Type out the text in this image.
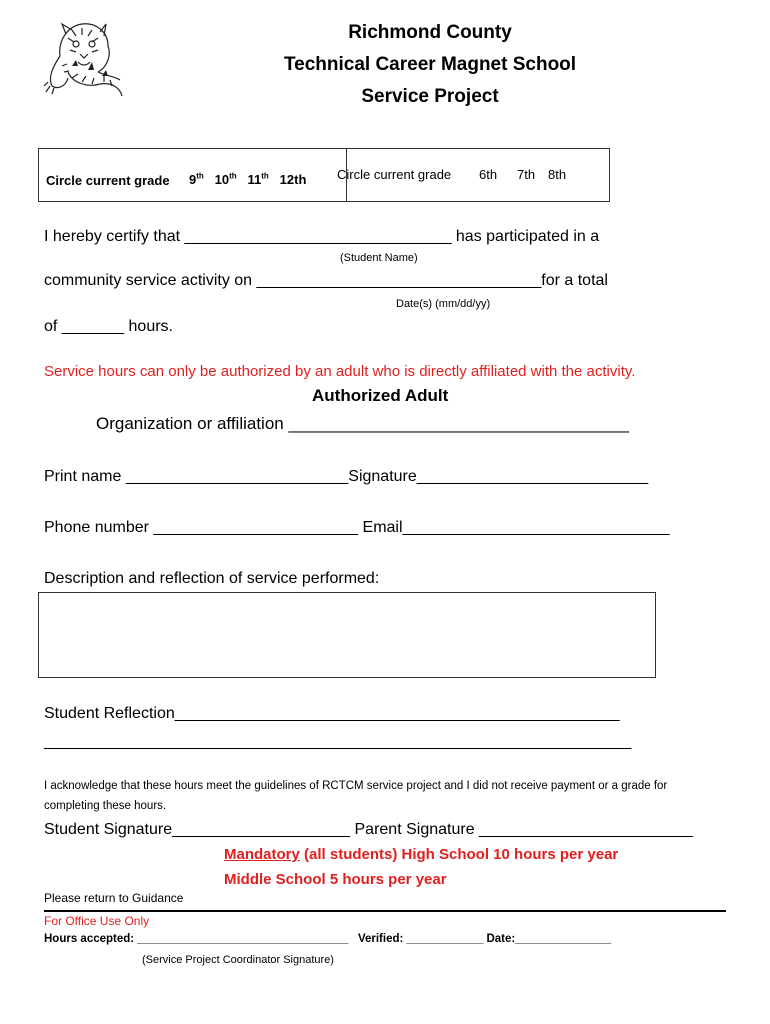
Richmond County
Technical Career Magnet School
Service Project
Circle current grade 9th 10th 11th 12th Circle current grade 6th 7th 8th
I hereby certify that ______________________________ has participated in a
(Student Name)
community service activity on ________________________________for a total
Date(s) (mm/dd/yy)
of _______ hours.
Service hours can only be authorized by an adult who is directly affiliated with the activity.
Authorized Adult
Organization or affiliation ____________________________________
Print name _________________________Signature__________________________
Phone number _______________________ Email______________________________
Description and reflection of service performed:
Student Reflection__________________________________________________
__________________________________________________________________
I acknowledge that these hours meet the guidelines of RCTCM service project and I did not receive payment or a grade for
completing these hours.
Student Signature____________________ Parent Signature ________________________
Mandatory (all students) High School 10 hours per year
Middle School 5 hours per year
Please return to Guidance
For Office Use Only
Hours accepted: _________________________________   Verified: ____________ Date:_______________
(Service Project Coordinator Signature)
